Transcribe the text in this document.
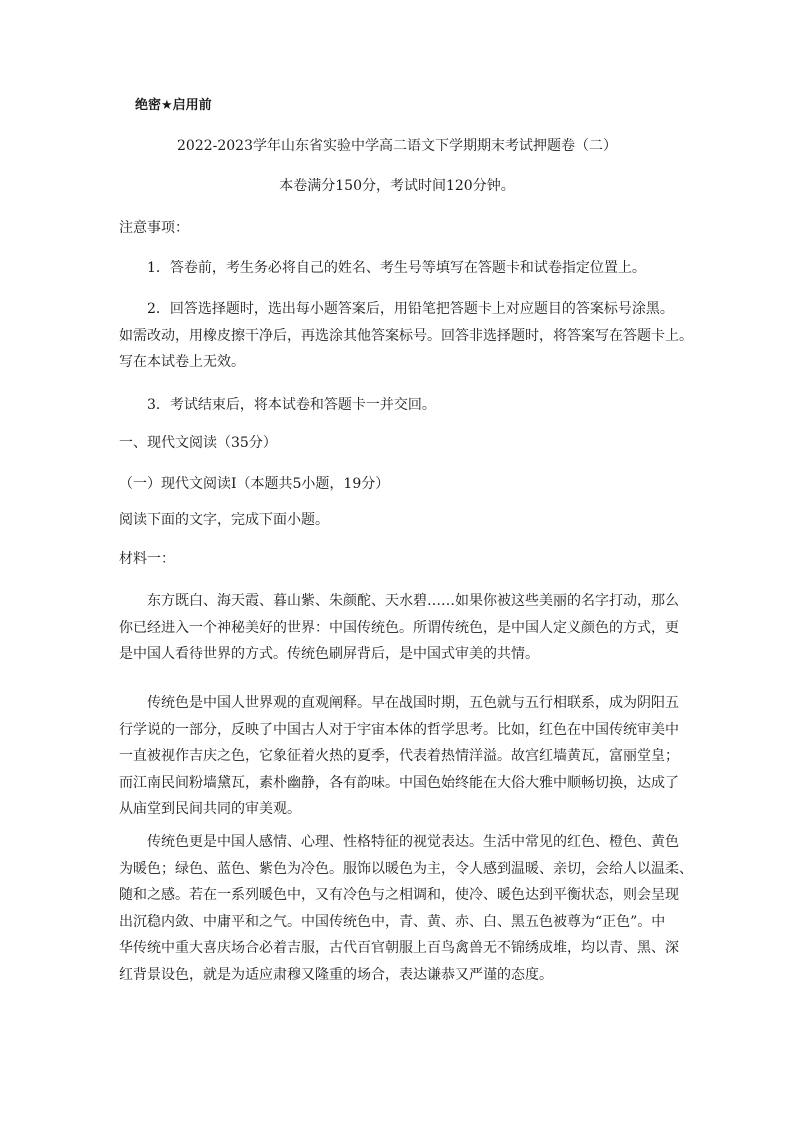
绝密★启用前
2022-2023学年山东省实验中学高二语文下学期期末考试押题卷（二）
本卷满分150分，考试时间120分钟。
注意事项：
1．答卷前，考生务必将自己的姓名、考生号等填写在答题卡和试卷指定位置上。
2．回答选择题时，选出每小题答案后，用铅笔把答题卡上对应题目的答案标号涂黑。
如需改动，用橡皮擦干净后，再选涂其他答案标号。回答非选择题时，将答案写在答题卡上。
写在本试卷上无效。
3．考试结束后，将本试卷和答题卡一并交回。
一、现代文阅读（35分）
（一）现代文阅读Ⅰ（本题共5小题，19分）
阅读下面的文字，完成下面小题。
材料一：
东方既白、海天霞、暮山紫、朱颜酡、天水碧……如果你被这些美丽的名字打动，那么
你已经进入一个神秘美好的世界：中国传统色。所谓传统色，是中国人定义颜色的方式，更
是中国人看待世界的方式。传统色刷屏背后，是中国式审美的共情。
传统色是中国人世界观的直观阐释。早在战国时期，五色就与五行相联系，成为阴阳五
行学说的一部分，反映了中国古人对于宇宙本体的哲学思考。比如，红色在中国传统审美中
一直被视作吉庆之色，它象征着火热的夏季，代表着热情洋溢。故宫红墙黄瓦，富丽堂皇；
而江南民间粉墙黛瓦，素朴幽静，各有韵味。中国色始终能在大俗大雅中顺畅切换，达成了
从庙堂到民间共同的审美观。
传统色更是中国人感情、心理、性格特征的视觉表达。生活中常见的红色、橙色、黄色
为暖色；绿色、蓝色、紫色为冷色。服饰以暖色为主，令人感到温暖、亲切，会给人以温柔、
随和之感。若在一系列暖色中，又有冷色与之相调和，使冷、暖色达到平衡状态，则会呈现
出沉稳内敛、中庸平和之气。中国传统色中，青、黄、赤、白、黑五色被尊为“正色”。中
华传统中重大喜庆场合必着吉服，古代百官朝服上百鸟禽兽无不锦绣成堆，均以青、黑、深
红背景设色，就是为适应肃穆又隆重的场合，表达谦恭又严谨的态度。
